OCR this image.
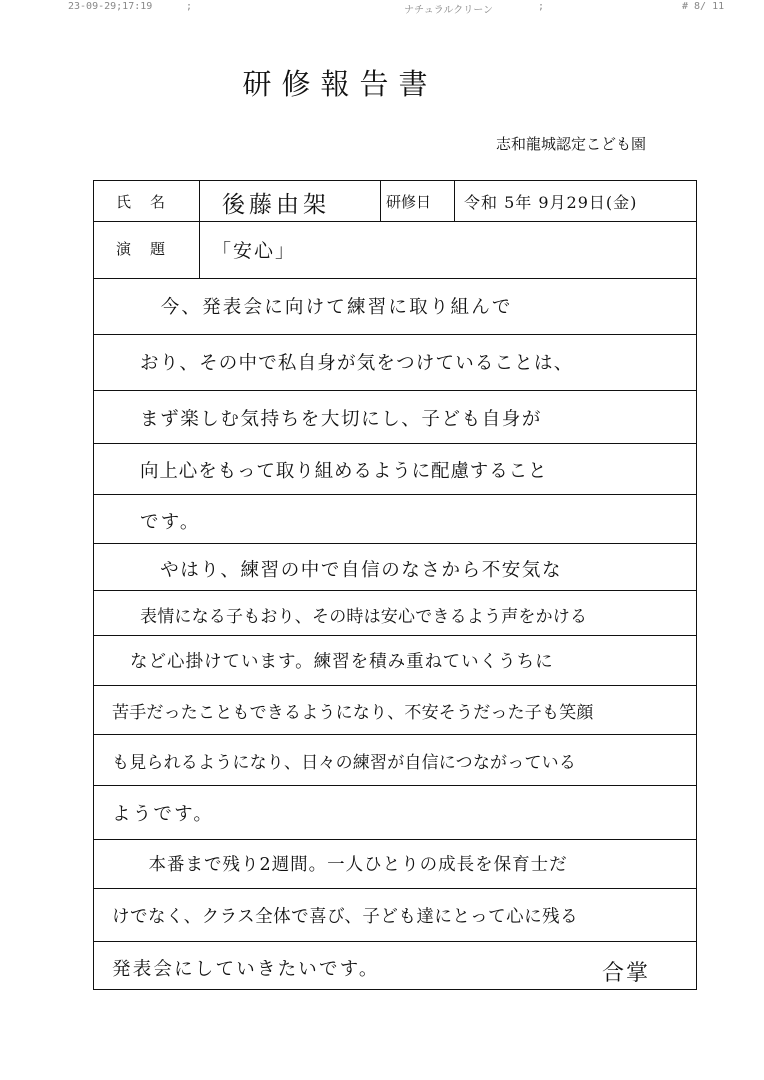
23-09-29;17:19	;	ナチュラルクリーン	;	# 8/ 11
研修報告書
志和龍城認定こども園
氏　名 後藤由架	研修日 令和 5年 9月29日(金)
演　題 「安心」
　今、発表会に向けて練習に取り組んで
おり、その中で私自身が気をつけていることは、
まず楽しむ気持ちを大切にし、子ども自身が
向上心をもって取り組めるように配慮すること
です。
　やはり、練習の中で自信のなさから不安気な
表情になる子もおり、その時は安心できるよう声をかける
など心掛けています。練習を積み重ねていくうちに
苦手だったこともできるようになり、不安そうだった子も笑顔
も見られるようになり、日々の練習が自信につながっている
ようです。
　本番まで残り2週間。一人ひとりの成長を保育士だ
けでなく、クラス全体で喜び、子ども達にとって心に残る
発表会にしていきたいです。	合掌
